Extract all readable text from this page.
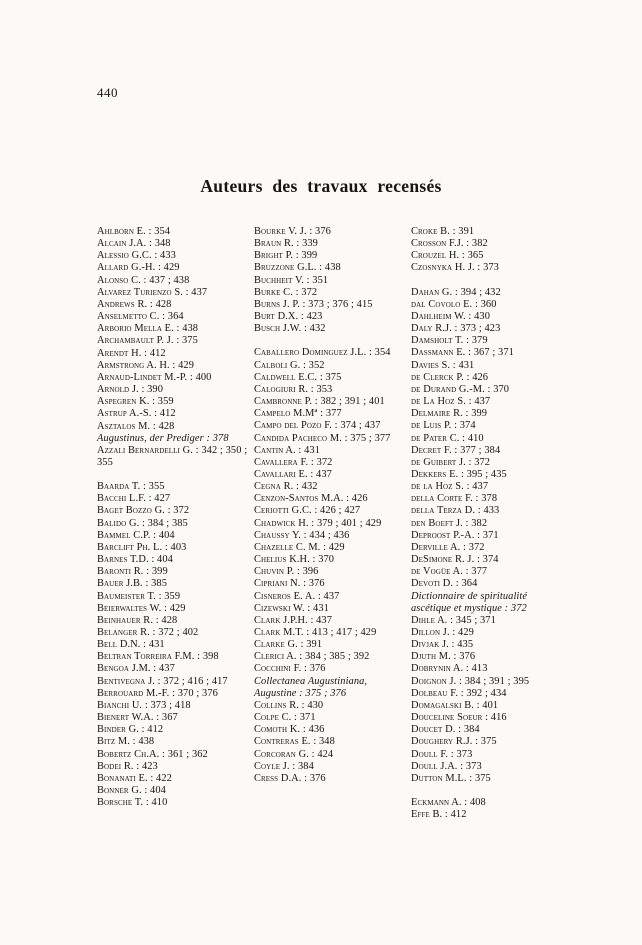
440
Auteurs des travaux recensés
Ahlborn E. : 354
Alcain J.A. : 348
Alessio G.C. : 433
Allard G.-H. : 429
Alonso C. : 437 ; 438
Alvarez Turienzo S. : 437
Andrews R. : 428
Anselmetto C. : 364
Arborio Mella E. : 438
Archambault P. J. : 375
Arendt H. : 412
Armstrong A. H. : 429
Arnaud-Lindet M.-P. : 400
Arnold J. : 390
Aspegren K. : 359
Astrup A.-S. : 412
Asztalos M. : 428
Augustinus, der Prediger : 378
Azzali Bernardelli G. : 342 ; 350 ; 355
Baarda T. : 355
Bacchi L.F. : 427
Baget Bozzo G. : 372
Balido G. : 384 ; 385
Bammel C.P. : 404
Barclift Ph. L. : 403
Barnes T.D. : 404
Baronti R. : 399
Bauer J.B. : 385
Baumeister T. : 359
Beierwaltes W. : 429
Beinhauer R. : 428
Belanger R. : 372 ; 402
Bell D.N. : 431
Beltran Torreira F.M. : 398
Bengoa J.M. : 437
Bentivegna J. : 372 ; 416 ; 417
Berrouard M.-F. : 370 ; 376
Bianchi U. : 373 ; 418
Bienert W.A. : 367
Binder G. : 412
Bitz M. : 438
Bobertz Ch.A. : 361 ; 362
Bodei R. : 423
Bonanati E. : 422
Bonner G. : 404
Borsche T. : 410
Bourke V. J. : 376
Braun R. : 339
Bright P. : 399
Bruzzone G.L. : 438
Buchheit V. : 351
Burke C. : 372
Burns J. P. : 373 ; 376 ; 415
Burt D.X. : 423
Busch J.W. : 432
Caballero Dominguez J.L. : 354
Calboli G. : 352
Caldwell E.C. : 375
Calogiuri R. : 353
Cambronne P. : 382 ; 391 ; 401
Campelo M.Mª : 377
Campo del Pozo F. : 374 ; 437
Candida Pacheco M. : 375 ; 377
Cantin A. : 431
Cavallera F. : 372
Cavallari E. : 437
Cegna R. : 432
Cenzon-Santos M.A. : 426
Ceriotti G.C. : 426 ; 427
Chadwick H. : 379 ; 401 ; 429
Chaussy Y. : 434 ; 436
Chazelle C. M. : 429
Chelius K.H. : 370
Chuvin P. : 396
Cipriani N. : 376
Cisneros E. A. : 437
Cizewski W. : 431
Clark J.P.H. : 437
Clark M.T. : 413 ; 417 ; 429
Clarke G. : 391
Clerici A. : 384 ; 385 ; 392
Cocchini F. : 376
Collectanea Augustiniana, Augustine : 375 ; 376
Collins R. : 430
Colpe C. : 371
Comoth K. : 436
Contreras E. : 348
Corcoran G. : 424
Coyle J. : 384
Cress D.A. : 376
Croke B. : 391
Crosson F.J. : 382
Crouzel H. : 365
Czosnyka H. J. : 373
Dahan G. : 394 ; 432
dal Covolo E. : 360
Dahlheim W. : 430
Daly R.J. : 373 ; 423
Damsholt T. : 379
Dassmann E. : 367 ; 371
Davies S. : 431
de Clerck P. : 426
de Durand G.-M. : 370
de La Hoz S. : 437
Delmaire R. : 399
de Luis P. : 374
de Pater C. : 410
Decret F. : 377 ; 384
de Guibert J. : 372
Dekkers E. : 395 ; 435
de la Hoz S. : 437
della Corte F. : 378
della Terza D. : 433
den Boeft J. : 382
Deproost P.-A. : 371
Derville A. : 372
DeSimone R. J. : 374
de Vogüe A. : 377
Devoti D. : 364
Dictionnaire de spiritualité ascétique et mystique : 372
Dihle A. : 345 ; 371
Dillon J. : 429
Divjak J. : 435
Djuth M. : 376
Dobrynin A. : 413
Doignon J. : 384 ; 391 ; 395
Dolbeau F. : 392 ; 434
Domagalski B. : 401
Douceline Soeur : 416
Doucet D. : 384
Doughery R.J. : 375
Doull F. : 373
Doull J.A. : 373
Dutton M.L. : 375
Eckmann A. : 408
Effe B. : 412
